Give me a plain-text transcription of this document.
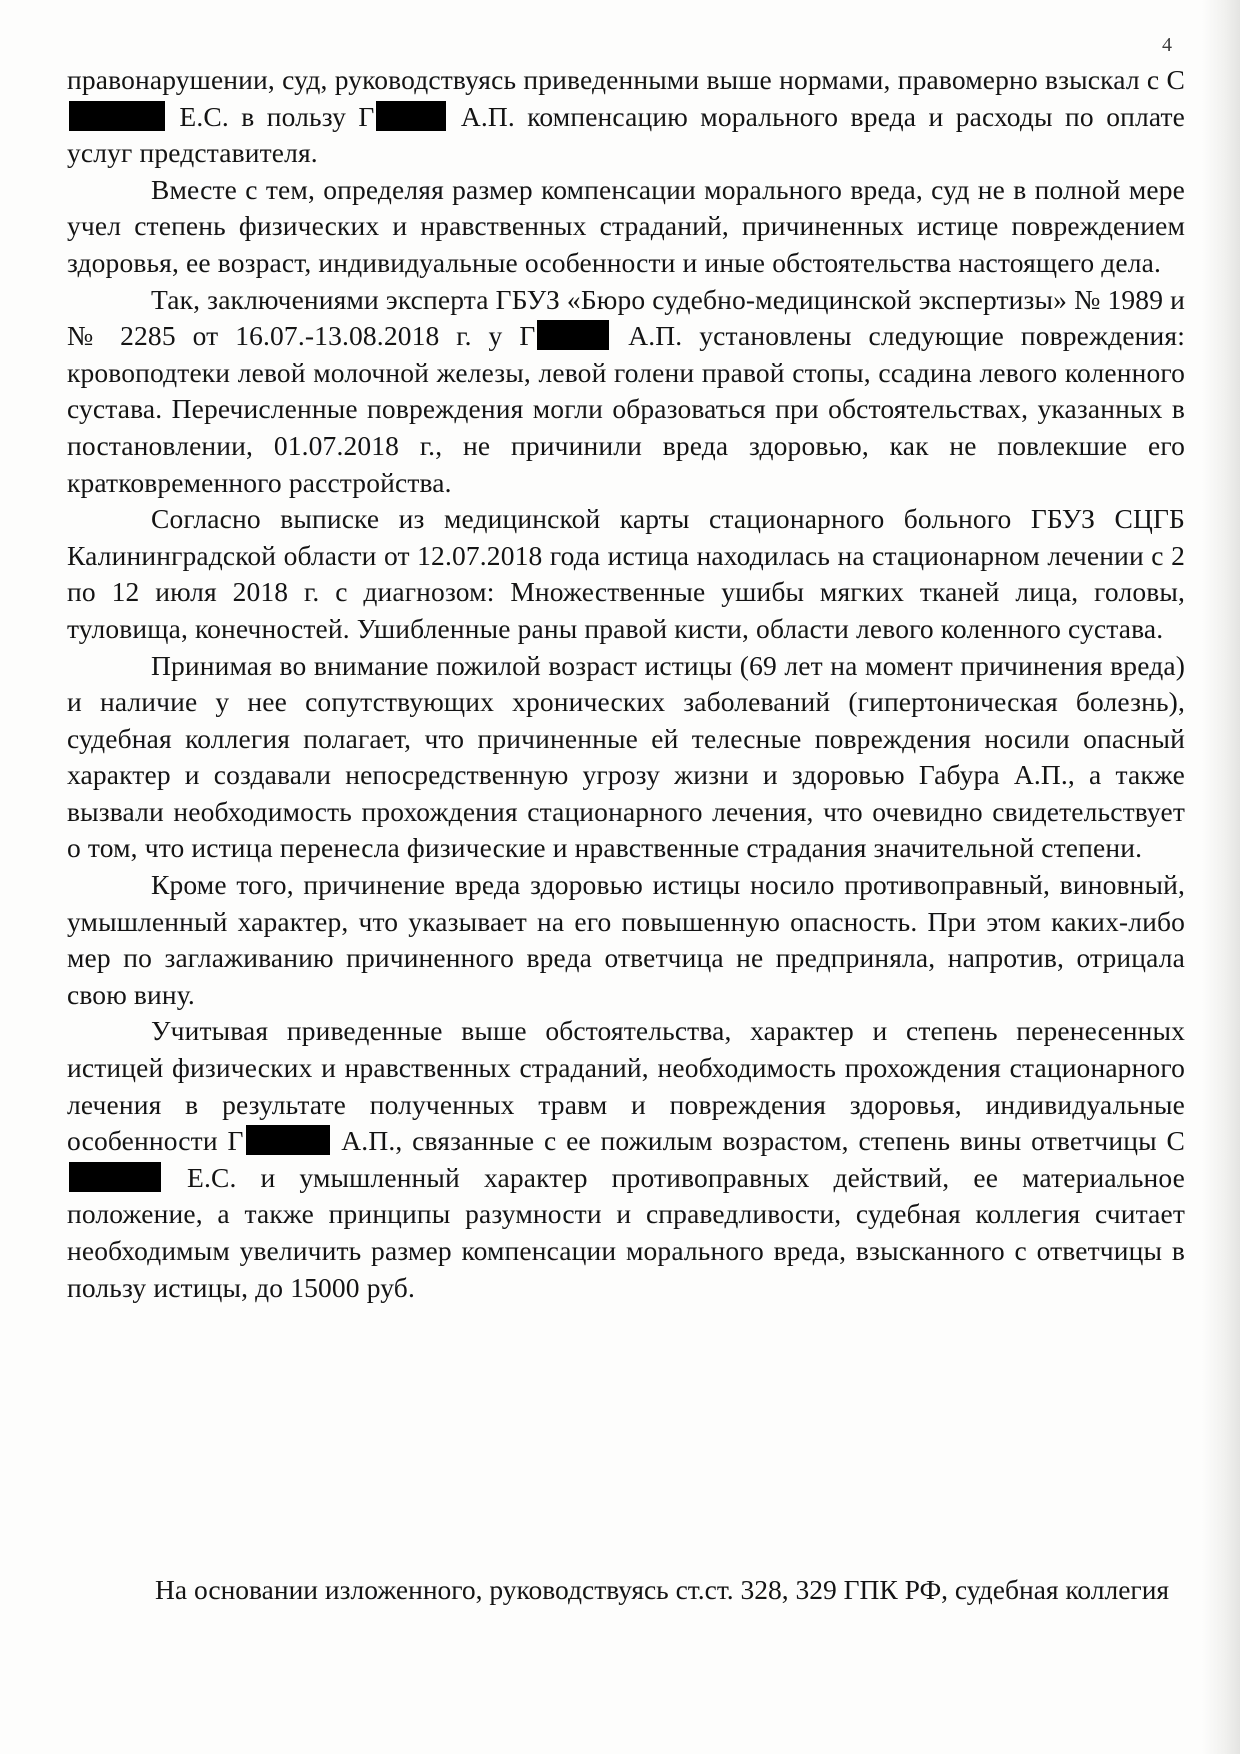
4

правонарушении, суд, руководствуясь приведенными выше нормами, правомерно взыскал с С Е.С. в пользу Г	А.П. компенсацию морального вреда и расходы по оплате услуг представителя.

Вместе с тем, определяя размер компенсации морального вреда, суд не в полной мере учел степень физических и нравственных страданий, причиненных истице повреждением здоровья, ее возраст, индивидуальные особенности и иные обстоятельства настоящего дела.

Так, заключениями эксперта ГБУЗ «Бюро судебно-медицинской экспертизы» № 1989 и № 2285 от 16.07.-13.08.2018 г. у Г	А.П. установлены следующие повреждения: кровоподтеки левой молочной железы, левой голени правой стопы, ссадина левого коленного сустава. Перечисленные повреждения могли образоваться при обстоятельствах, указанных в постановлении, 01.07.2018 г., не причинили вреда здоровью, как не повлекшие его кратковременного расстройства.

Согласно выписке из медицинской карты стационарного больного ГБУЗ СЦГБ Калининградской области от 12.07.2018 года истица находилась на стационарном лечении с 2 по 12 июля 2018 г. с диагнозом: Множественные ушибы мягких тканей лица, головы, туловища, конечностей. Ушибленные раны правой кисти, области левого коленного сустава.

Принимая во внимание пожилой возраст истицы (69 лет на момент причинения вреда) и наличие у нее сопутствующих хронических заболеваний (гипертоническая болезнь), судебная коллегия полагает, что причиненные ей телесные повреждения носили опасный характер и создавали непосредственную угрозу жизни и здоровью Габура А.П., а также вызвали необходимость прохождения стационарного лечения, что очевидно свидетельствует о том, что истица перенесла физические и нравственные страдания значительной степени.

Кроме того, причинение вреда здоровью истицы носило противоправный, виновный, умышленный характер, что указывает на его повышенную опасность. При этом каких-либо мер по заглаживанию причиненного вреда ответчица не предприняла, напротив, отрицала свою вину.

Учитывая приведенные выше обстоятельства, характер и степень перенесенных истицей физических и нравственных страданий, необходимость прохождения стационарного лечения в результате полученных травм и повреждения здоровья, индивидуальные особенности Г	А.П., связанные с ее пожилым возрастом, степень вины ответчицы С Е.С. и умышленный характер противоправных действий, ее материальное положение, а также принципы разумности и справедливости, судебная коллегия считает необходимым увеличить размер компенсации морального вреда, взысканного с ответчицы в пользу истицы, до 15000 руб.

На основании изложенного, руководствуясь ст.ст. 328, 329 ГПК РФ, судебная коллегия
